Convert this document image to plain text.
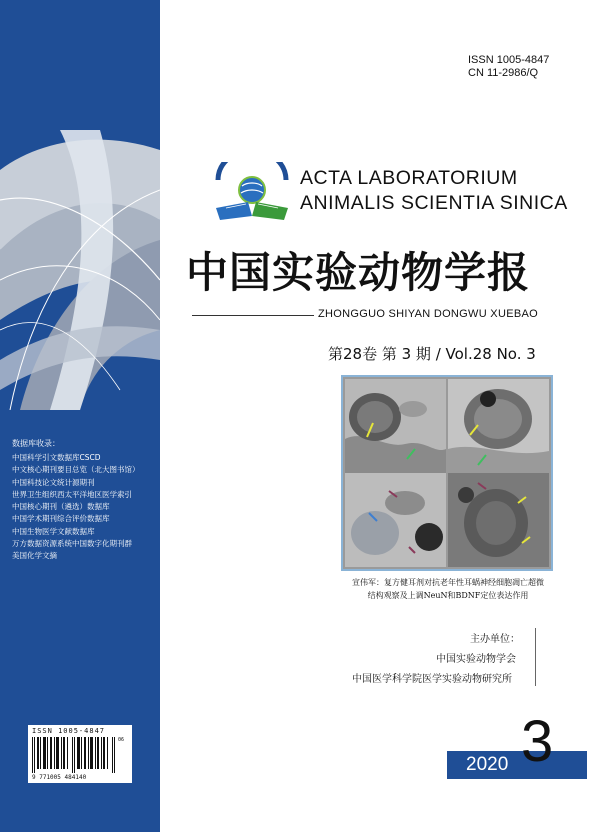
数据库收录：
中国科学引文数据库CSCD
中文核心期刊要目总览（北大图书馆）
中国科技论文统计源期刊
世界卫生组织西太平洋地区医学索引
中国核心期刊（遴选）数据库
中国学术期刊综合评价数据库
中国生物医学文献数据库
万方数据资源系统中国数字化期刊群
美国化学文摘
ISSN 1005-4847
06
9 771005 484140
ISSN 1005-4847
CN 11-2986/Q
ACTA LABORATORIUM
ANIMALIS SCIENTIA SINICA
中国实验动物学报
ZHONGGUO SHIYAN DONGWU XUEBAO
第28卷 第 3 期 / Vol.28 No. 3
宣伟军：复方健耳剂对抗老年性耳蜗神经细胞凋亡超微
结构观察及上调NeuN和BDNF定位表达作用
主办单位：
中国实验动物学会
中国医学科学院医学实验动物研究所
2020 3
